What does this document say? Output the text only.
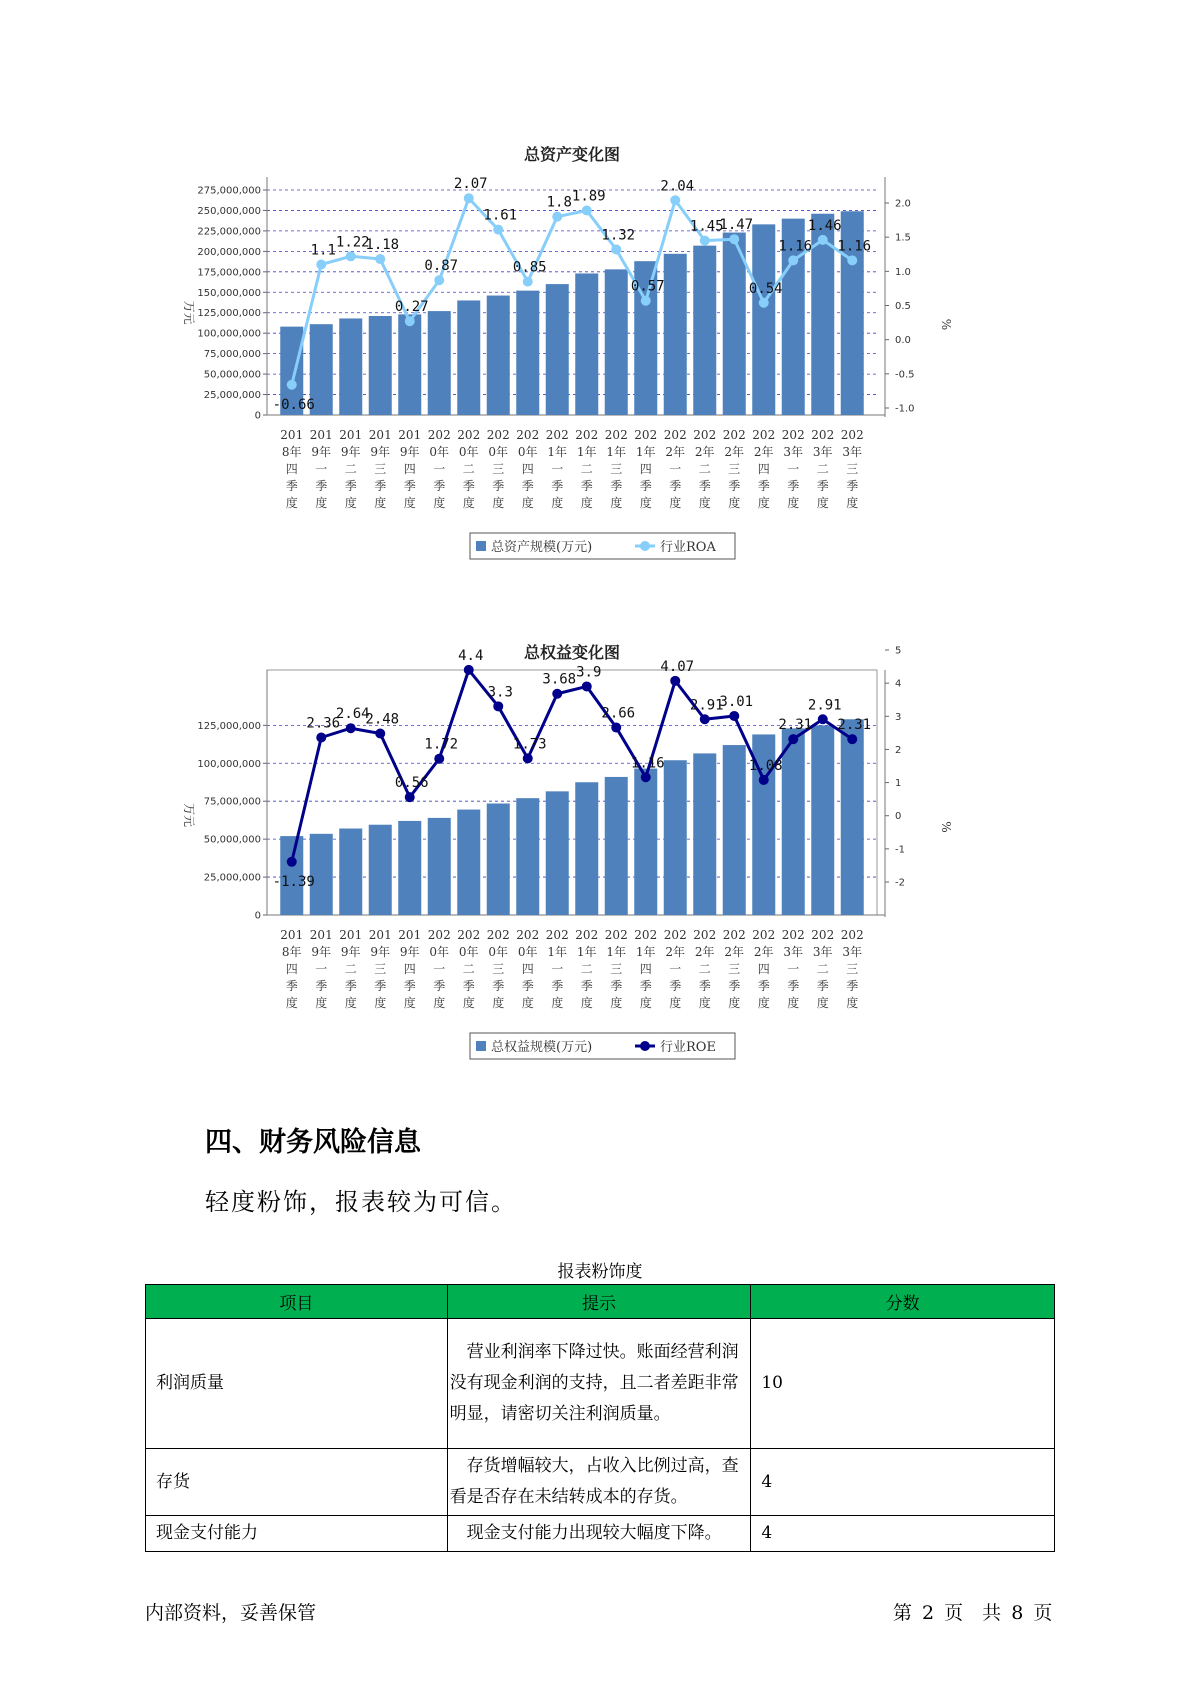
总资产变化图
275,000,000
250,000,000
225,000,000
200,000,000
175,000,000
150,000,000
125,000,000
100,000,000
75,000,000
50,000,000
25,000,000
0
2.0
1.5
1.0
0.5
0.0
-0.5
-1.0
万元	%
-0.66
1.1
1.22
1.18
0.27
0.87
2.07
1.61
0.85
1.8 1.89
1.32
0.57
2.04
1.45
1.47
0.54
1.16
1.46
1.16
201
8年
四
季
度
201
9年
一
季
度
201
9年
二
季
度
201
9年
三
季
度
201
9年
四
季
度
202
0年
一
季
度
202
0年
二
季
度
202
0年
三
季
度
202
0年
四
季
度
202
1年
一
季
度
202
1年
二
季
度
202
1年
三
季
度
202
1年
四
季
度
202
2年
一
季
度
202
2年
二
季
度
202
2年
三
季
度
202
2年
四
季
度
202
3年
一
季
度
202
3年
二
季
度
202
3年
三
季
度
总资产规模(万元)	行业ROA
总权益变化图
125,000,000
100,000,000
75,000,000
50,000,000
25,000,000
0
5
4
3
2
1
0
-1
-2
万元	%
-1.39
2.36
2.64
2.48
0.56
1.72
4.4
3.3
1.73
3.68 3.9
2.66
1.16
4.07
2.91
3.01
1.08
2.31
2.91
2.31
201
8年
四
季
度
201
9年
一
季
度
201
9年
二
季
度
201
9年
三
季
度
201
9年
四
季
度
202
0年
一
季
度
202
0年
二
季
度
202
0年
三
季
度
202
0年
四
季
度
202
1年
一
季
度
202
1年
二
季
度
202
1年
三
季
度
202
1年
四
季
度
202
2年
一
季
度
202
2年
二
季
度
202
2年
三
季
度
202
2年
四
季
度
202
3年
一
季
度
202
3年
二
季
度
202
3年
三
季
度
总权益规模(万元)	行业ROE
四、财务风险信息

轻度粉饰，报表较为可信。

报表粉饰度
项目	提示	分数
利润质量	营业利润率下降过快。账面经营利润没有现金利润的支持，且二者差距非常明显，请密切关注利润质量。	10
存货	存货增幅较大，占收入比例过高，查看是否存在未结转成本的存货。	4
现金支付能力	现金支付能力出现较大幅度下降。	4
内部资料，妥善保管	第 2 页　共 8 页
